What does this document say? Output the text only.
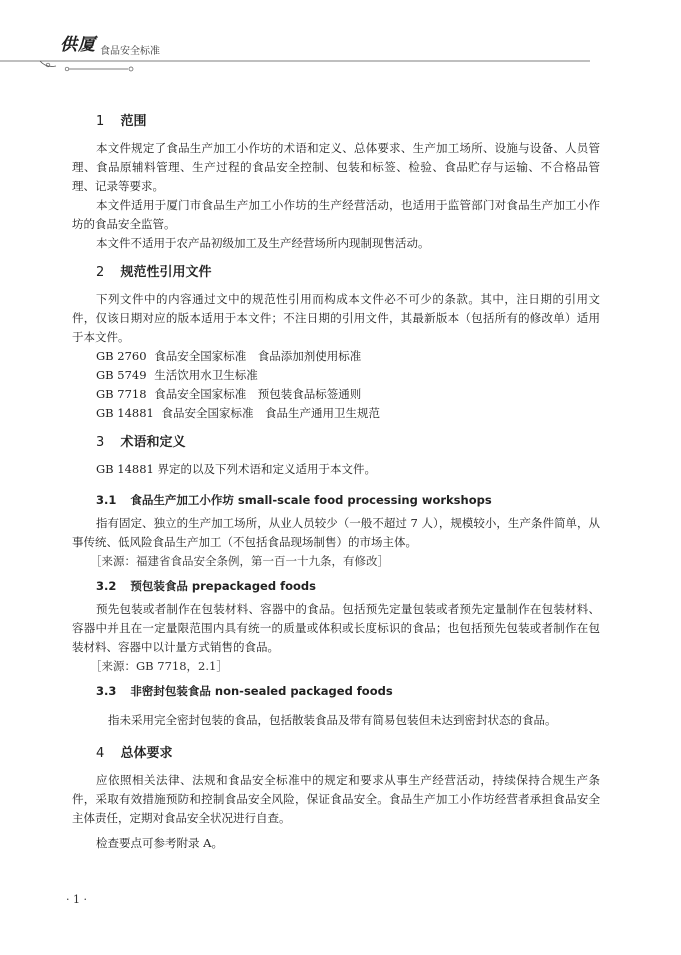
供厦 食品安全标准
1 范围

本文件规定了食品生产加工小作坊的术语和定义、总体要求、生产加工场所、设施与设备、人员管理、食品原辅料管理、生产过程的食品安全控制、包装和标签、检验、食品贮存与运输、不合格品管理、记录等要求。

本文件适用于厦门市食品生产加工小作坊的生产经营活动，也适用于监管部门对食品生产加工小作坊的食品安全监管。

本文件不适用于农产品初级加工及生产经营场所内现制现售活动。

2 规范性引用文件

下列文件中的内容通过文中的规范性引用而构成本文件必不可少的条款。其中，注日期的引用文件，仅该日期对应的版本适用于本文件；不注日期的引用文件，其最新版本（包括所有的修改单）适用于本文件。

GB 2760 食品安全国家标准　食品添加剂使用标准
GB 5749 生活饮用水卫生标准
GB 7718 食品安全国家标准　预包装食品标签通则
GB 14881 食品安全国家标准　食品生产通用卫生规范
3 术语和定义

GB 14881 界定的以及下列术语和定义适用于本文件。

3.1 食品生产加工小作坊 small-scale food processing workshops

指有固定、独立的生产加工场所，从业人员较少（一般不超过 7 人），规模较小，生产条件简单，从事传统、低风险食品生产加工（不包括食品现场制售）的市场主体。

［来源：福建省食品安全条例，第一百一十九条，有修改］
3.2 预包装食品 prepackaged foods

预先包装或者制作在包装材料、容器中的食品。包括预先定量包装或者预先定量制作在包装材料、容器中并且在一定量限范围内具有统一的质量或体积或长度标识的食品；也包括预先包装或者制作在包装材料、容器中以计量方式销售的食品。

［来源：GB 7718，2.1］
3.3 非密封包装食品 non-sealed packaged foods

指未采用完全密封包装的食品，包括散装食品及带有简易包装但未达到密封状态的食品。

4 总体要求

应依照相关法律、法规和食品安全标准中的规定和要求从事生产经营活动，持续保持合规生产条件，采取有效措施预防和控制食品安全风险，保证食品安全。食品生产加工小作坊经营者承担食品安全主体责任，定期对食品安全状况进行自查。

检查要点可参考附录 A。

· 1 ·
